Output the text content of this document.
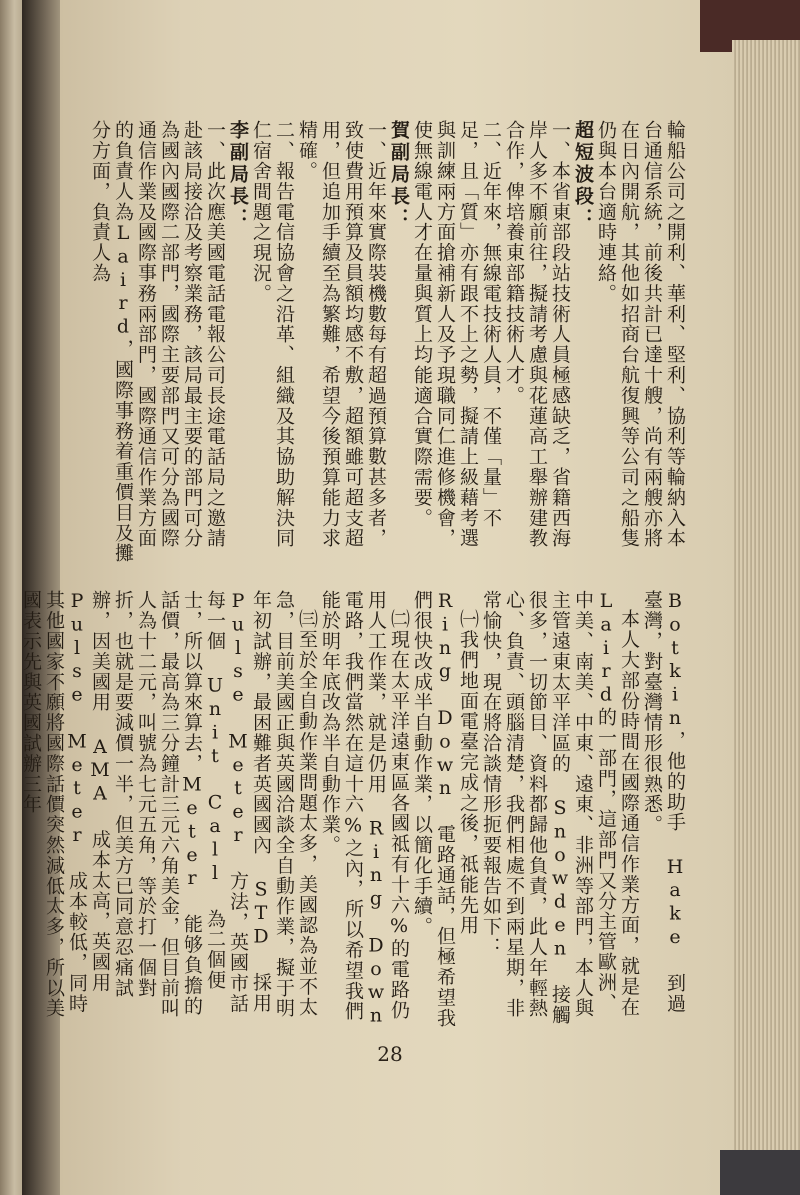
輪船公司之開利、華利、堅利、協利等輪納入本台通信系統，前後共計已達十艘，尚有兩艘亦將在日內開航，其他如招商台航復興等公司之船隻仍與本台適時連絡。

超短波段：

一、本省東部段站技術人員極感缺乏，省籍西海岸人多不願前往，擬請考慮與花蓮高工舉辦建教合作，俾培養東部籍技術人才。

二、近年來，無線電技術人員，不僅「量」不足，且「質」亦有跟不上之勢，擬請上級藉考選與訓練兩方面搶補新人及予現職同仁進修機會，使無線電人才在量與質上均能適合實際需要。

賀副局長：

一、近年來實際裝機數每有超過預算數甚多者，致使費用預算及員額均感不敷，超額雖可超支超用，但追加手續至為繁難，希望今後預算能力求精確。

二、報告電信協會之沿革、組織及其協助解決同仁宿舍間題之現況。

李副局長：

一、此次應美國電話電報公司長途電話局之邀請赴該局接洽及考察業務，該局最主要的部門可分為國內國際二部門，國際主要部門又可分為國際通信作業及國際事務兩部門，國際通信作業方面的負責人為Laird，國際事務着重價目及攤分方面，負責人為

Botkin，他的助手 Hake 到過臺灣，對臺灣情形很熟悉。

本人大部份時間在國際通信作業方面，就是在Laird的一部門，這部門又分主管歐洲、中美、南美、中東、遠東、非洲等部門，本人與主管遠東太平洋區的 Snowden 接觸很多，一切節目、資料都歸他負責，此人年輕熱心、負責、頭腦清楚，我們相處不到兩星期，非常愉快，現在將洽談情形扼要報告如下：

㈠我們地面電臺完成之後，祗能先用 Ring Down 電路通話，但極希望我們很快改成半自動作業，以簡化手續。

㈡現在太平洋遠東區各國祗有十六%的電路仍用人工作業，就是仍用 Ring Down 電路，我們當然在這十六%之內，所以希望我們能於明年底改為半自動作業。

㈢至於全自動作業問題太多，美國認為並不太急，目前美國正與英國洽談全自動作業，擬于明年初試辦，最困難者英國國內 STD 採用 Pulse Meter 方法，英國市話每一個 Unit Call 為二個便士，所以算來算去，Meter 能够負擔的話價，最高為三分鐘計三元六角美金，但目前叫人為十二元，叫號為七元五角，等於打一個對折，也就是要減價一半，但美方已同意忍痛試辦，因美國用 AMA 成本太高，英國用Pulse Meter 成本較低，同時其他國家不願將國際話價突然減低太多，所以美國表示先與英國試辦三年

28
